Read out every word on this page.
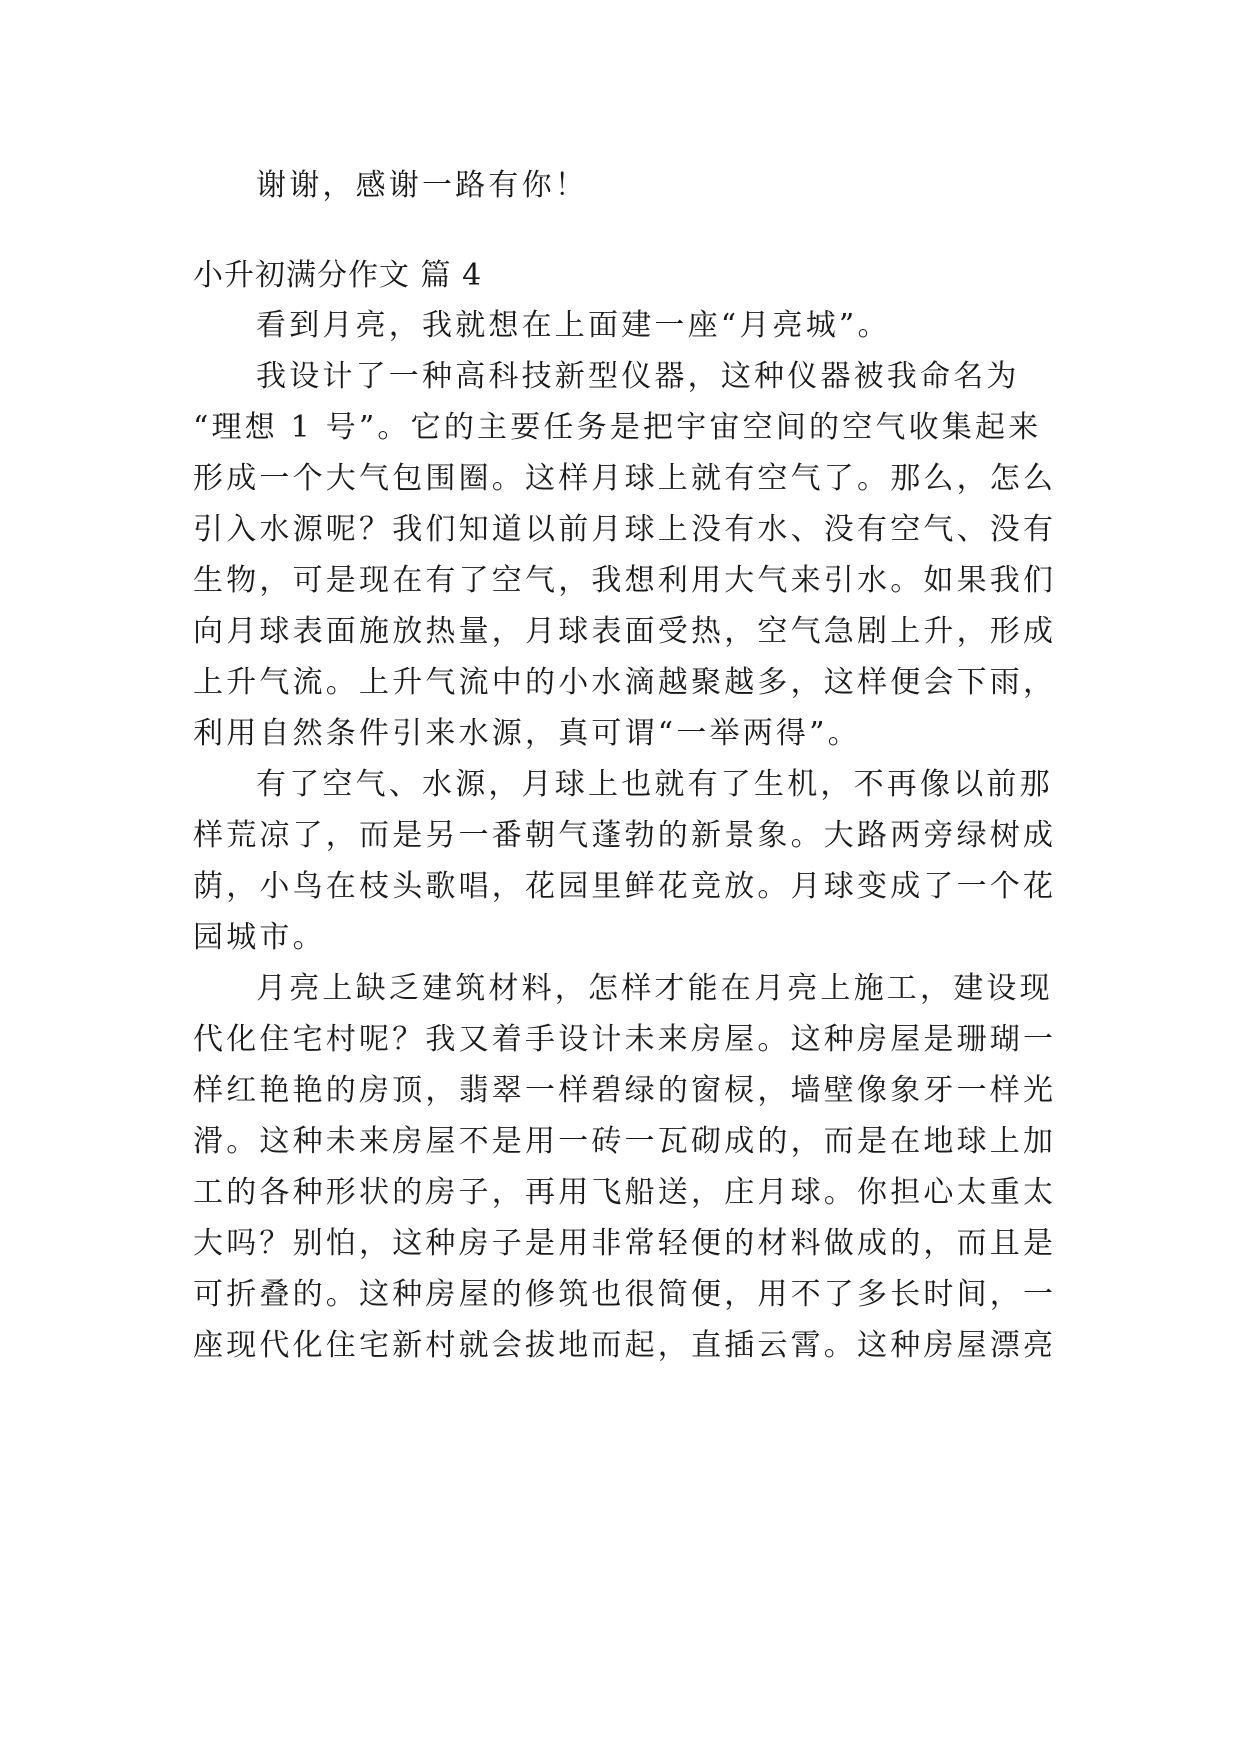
谢谢，感谢一路有你！
小升初满分作文 篇 4
看到月亮，我就想在上面建一座“月亮城”。
我设计了一种高科技新型仪器，这种仪器被我命名为
“理想 1 号”。它的主要任务是把宇宙空间的空气收集起来
形成一个大气包围圈。这样月球上就有空气了。那么，怎么
引入水源呢？我们知道以前月球上没有水、没有空气、没有
生物，可是现在有了空气，我想利用大气来引水。如果我们
向月球表面施放热量，月球表面受热，空气急剧上升，形成
上升气流。上升气流中的小水滴越聚越多，这样便会下雨，
利用自然条件引来水源，真可谓“一举两得”。
有了空气、水源，月球上也就有了生机，不再像以前那
样荒凉了，而是另一番朝气蓬勃的新景象。大路两旁绿树成
荫，小鸟在枝头歌唱，花园里鲜花竞放。月球变成了一个花
园城市。
月亮上缺乏建筑材料，怎样才能在月亮上施工，建设现
代化住宅村呢？我又着手设计未来房屋。这种房屋是珊瑚一
样红艳艳的房顶，翡翠一样碧绿的窗棂，墙壁像象牙一样光
滑。这种未来房屋不是用一砖一瓦砌成的，而是在地球上加
工的各种形状的房子，再用飞船送，庄月球。你担心太重太
大吗？别怕，这种房子是用非常轻便的材料做成的，而且是
可折叠的。这种房屋的修筑也很简便，用不了多长时间，一
座现代化住宅新村就会拔地而起，直插云霄。这种房屋漂亮
